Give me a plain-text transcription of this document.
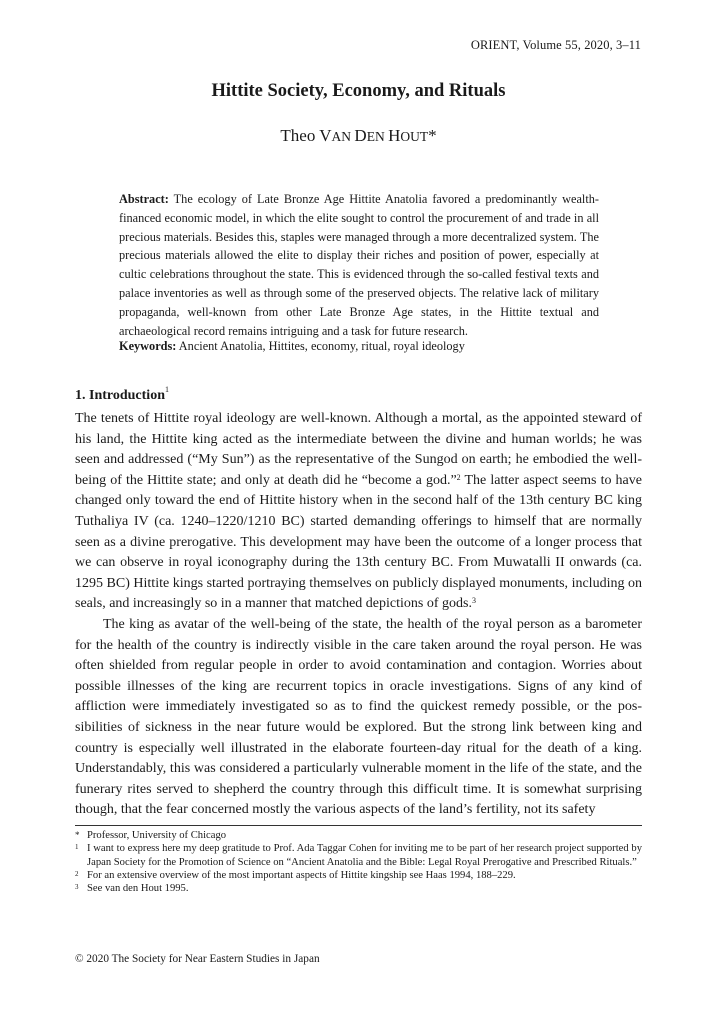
ORIENT, Volume 55, 2020, 3–11
Hittite Society, Economy, and Rituals
Theo VAN DEN HOUT*
Abstract: The ecology of Late Bronze Age Hittite Anatolia favored a predominantly wealth-financed economic model, in which the elite sought to control the procurement of and trade in all precious materials. Besides this, staples were managed through a more decentralized system. The precious materials allowed the elite to display their riches and position of power, especially at cultic celebrations throughout the state. This is evidenced through the so-called festival texts and palace inventories as well as through some of the preserved objects. The relative lack of military propaganda, well-known from other Late Bronze Age states, in the Hittite textual and archaeological record remains intriguing and a task for future research.
Keywords: Ancient Anatolia, Hittites, economy, ritual, royal ideology
1. Introduction$^1$

The tenets of Hittite royal ideology are well-known. Although a mortal, as the appointed steward of his land, the Hittite king acted as the intermediate between the divine and human worlds; he was seen and addressed (“My Sun”) as the representative of the Sungod on earth; he embodied the well-being of the Hittite state; and only at death did he “become a god.”$^2$ The latter aspect seems to have changed only toward the end of Hittite history when in the second half of the 13th century BC king Tuthaliya IV (ca. 1240–1220/1210 BC) started demanding offerings to himself that are normally seen as a divine prerogative. This development may have been the outcome of a longer process that we can observe in royal iconography during the 13th century BC. From Muwatalli II onwards (ca. 1295 BC) Hittite kings started portraying themselves on publicly displayed monuments, including on seals, and increasingly so in a manner that matched depictions of gods.$^3$

The king as avatar of the well-being of the state, the health of the royal person as a barometer for the health of the country is indirectly visible in the care taken around the royal person. He was often shielded from regular people in order to avoid contamination and contagion. Worries about possible illnesses of the king are recurrent topics in oracle investigations. Signs of any kind of affliction were immediately investigated so as to find the quickest remedy possible, or the possibilities of sickness in the near future would be explored. But the strong link between king and country is especially well illustrated in the elaborate fourteen-day ritual for the death of a king. Understandably, this was considered a particularly vulnerable moment in the life of the state, and the funerary rites served to shepherd the country through this difficult time. It is somewhat surprising though, that the fear concerned mostly the various aspects of the land’s fertility, not its safety

* Professor, University of Chicago
1 I want to express here my deep gratitude to Prof. Ada Taggar Cohen for inviting me to be part of her research project supported by Japan Society for the Promotion of Science on “Ancient Anatolia and the Bible: Legal Royal Prerogative and Prescribed Rituals.”
2 For an extensive overview of the most important aspects of Hittite kingship see Haas 1994, 188–229.
3 See van den Hout 1995.
© 2020 The Society for Near Eastern Studies in Japan
